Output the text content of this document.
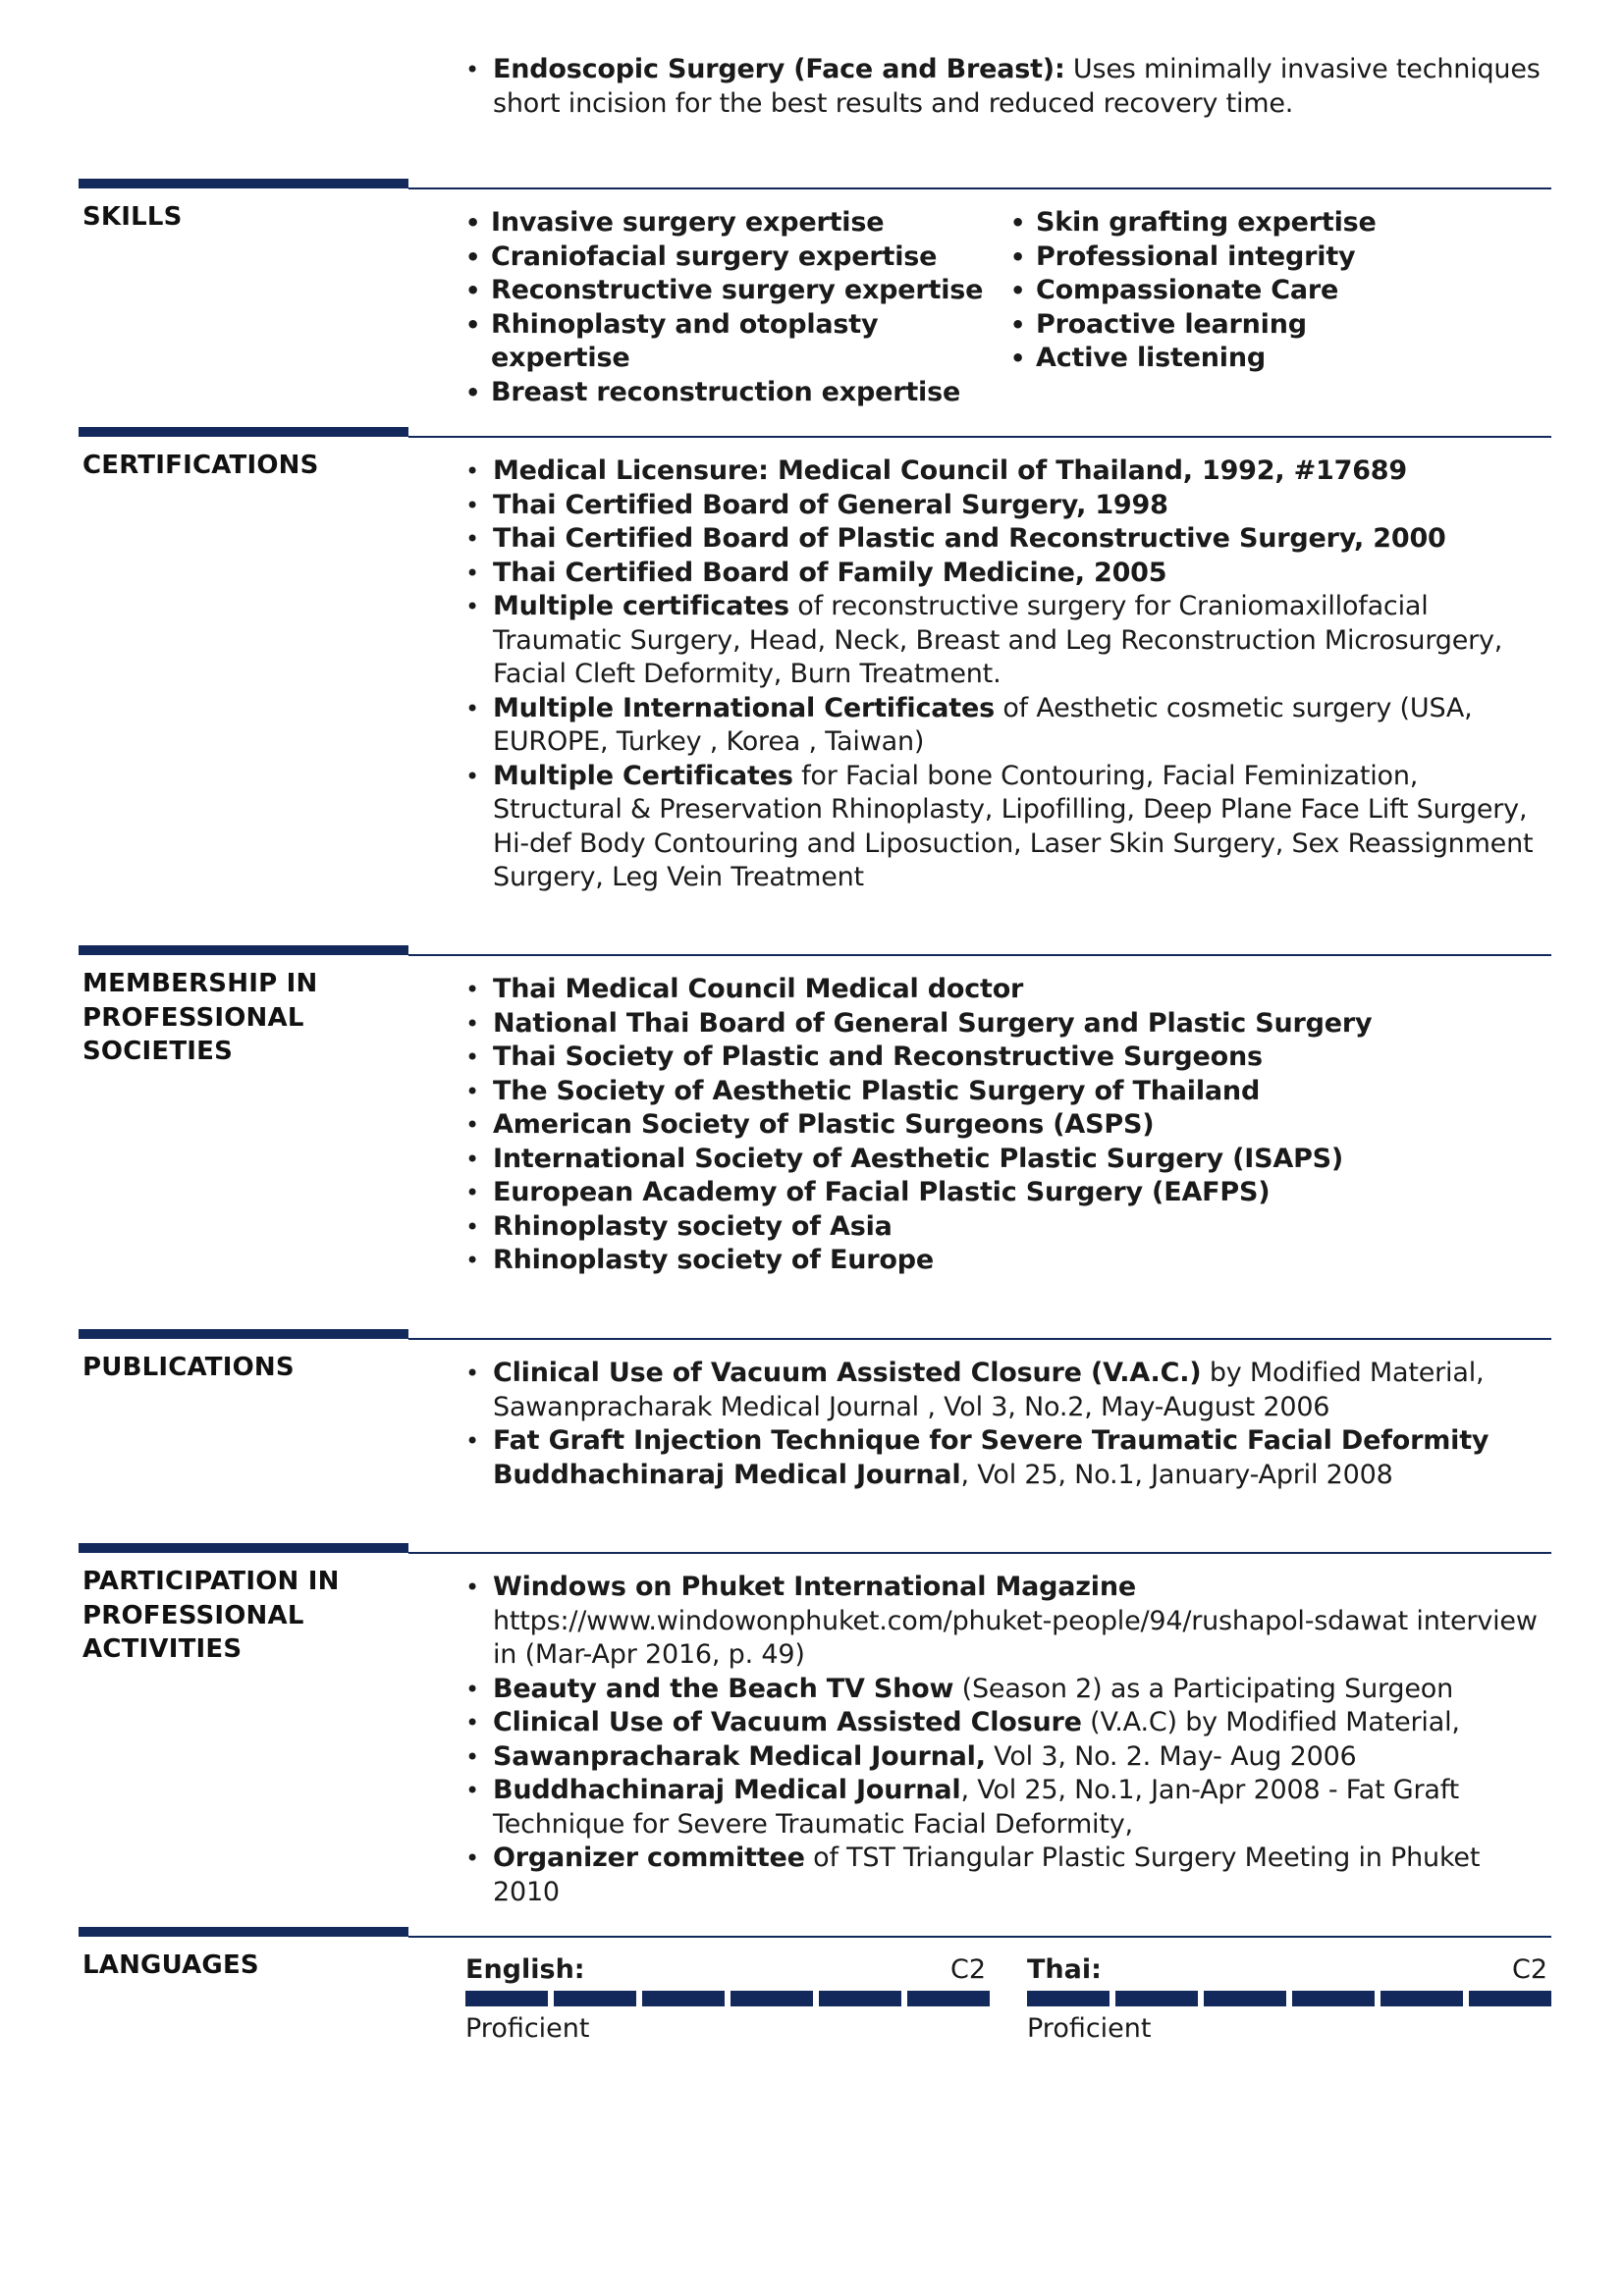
• Endoscopic Surgery (Face and Breast): Uses minimally invasive techniques short incision for the best results and reduced recovery time.
SKILLS	• Invasive surgery expertise
• Craniofacial surgery expertise
• Reconstructive surgery expertise
• Rhinoplasty and otoplasty expertise
• Breast reconstruction expertise
• Skin grafting expertise
• Professional integrity
• Compassionate Care
• Proactive learning
• Active listening
CERTIFICATIONS	• Medical Licensure: Medical Council of Thailand, 1992, #17689
• Thai Certified Board of General Surgery, 1998
• Thai Certified Board of Plastic and Reconstructive Surgery, 2000
• Thai Certified Board of Family Medicine, 2005
• Multiple certificates of reconstructive surgery for Craniomaxillofacial Traumatic Surgery, Head, Neck, Breast and Leg Reconstruction Microsurgery, Facial Cleft Deformity, Burn Treatment.
• Multiple International Certificates of Aesthetic cosmetic surgery (USA, EUROPE, Turkey , Korea , Taiwan)
• Multiple Certificates for Facial bone Contouring, Facial Feminization, Structural & Preservation Rhinoplasty, Lipofilling, Deep Plane Face Lift Surgery, Hi-def Body Contouring and Liposuction, Laser Skin Surgery, Sex Reassignment Surgery, Leg Vein Treatment
MEMBERSHIP IN
PROFESSIONAL SOCIETIES
• Thai Medical Council Medical doctor
• National Thai Board of General Surgery and Plastic Surgery
• Thai Society of Plastic and Reconstructive Surgeons
• The Society of Aesthetic Plastic Surgery of Thailand
• American Society of Plastic Surgeons (ASPS)
• International Society of Aesthetic Plastic Surgery (ISAPS)
• European Academy of Facial Plastic Surgery (EAFPS)
• Rhinoplasty society of Asia
• Rhinoplasty society of Europe
PUBLICATIONS	• Clinical Use of Vacuum Assisted Closure (V.A.C.) by Modified Material, Sawanpracharak Medical Journal , Vol 3, No.2, May-August 2006
• Fat Graft Injection Technique for Severe Traumatic Facial Deformity Buddhachinaraj Medical Journal, Vol 25, No.1, January-April 2008
PARTICIPATION IN
PROFESSIONAL
ACTIVITIES
• Windows on Phuket International Magazine https://www.windowonphuket.com/phuket-people/94/rushapol-sdawat interview in (Mar-Apr 2016, p. 49)
• Beauty and the Beach TV Show (Season 2) as a Participating Surgeon
• Clinical Use of Vacuum Assisted Closure (V.A.C) by Modified Material,
• Sawanpracharak Medical Journal, Vol 3, No. 2. May- Aug 2006
• Buddhachinaraj Medical Journal, Vol 25, No.1, Jan-Apr 2008 - Fat Graft Technique for Severe Traumatic Facial Deformity,
• Organizer committee of TST Triangular Plastic Surgery Meeting in Phuket 2010
LANGUAGES	English:	C2
Proficient
Thai:	C2
Proficient
